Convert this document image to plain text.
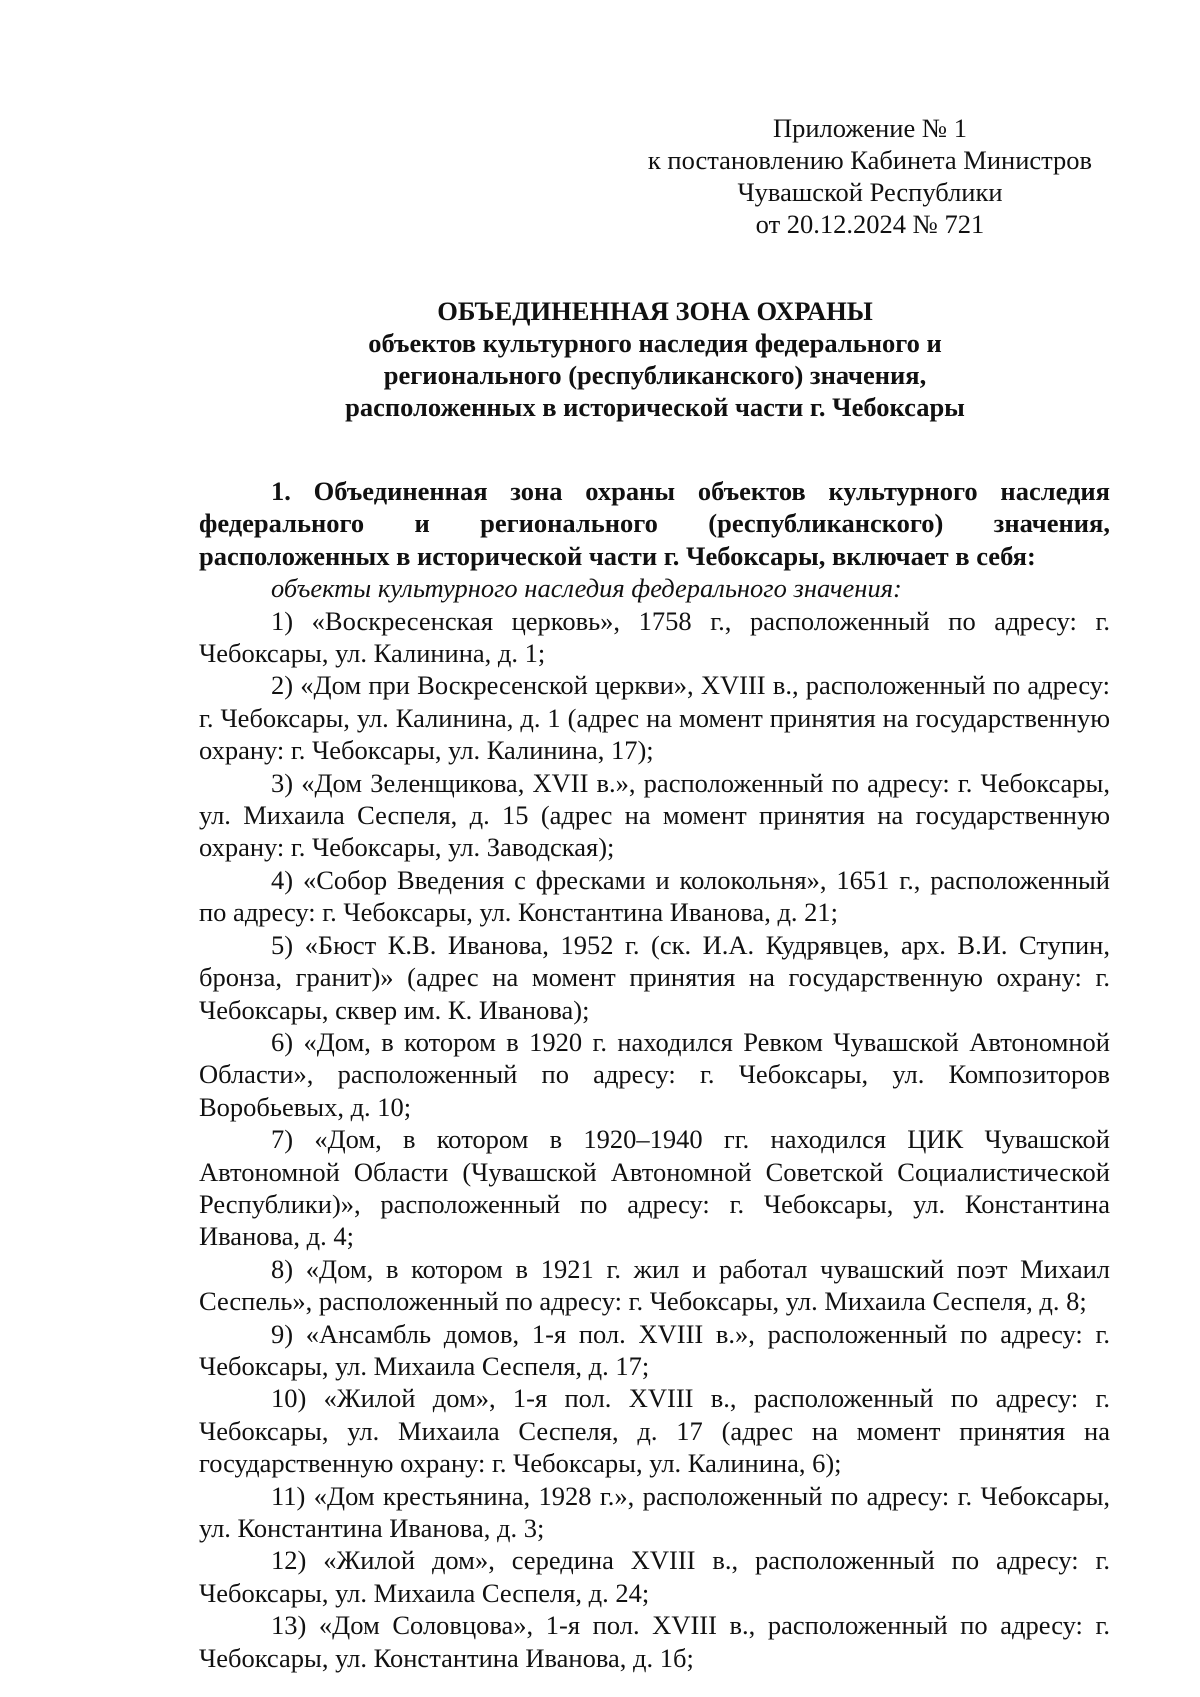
Приложение № 1
к постановлению Кабинета Министров
Чувашской Республики
от 20.12.2024 № 721
ОБЪЕДИНЕННАЯ ЗОНА ОХРАНЫ
объектов культурного наследия федерального и
регионального (республиканского) значения,
расположенных в исторической части г. Чебоксары

1. Объединенная зона охраны объектов культурного наследия федерального и регионального (республиканского) значения, расположенных в исторической части г. Чебоксары, включает в себя:

объекты культурного наследия федерального значения:

1) «Воскресенская церковь», 1758 г., расположенный по адресу: г. Чебоксары, ул. Калинина, д. 1;

2) «Дом при Воскресенской церкви», XVIII в., расположенный по адресу: г. Чебоксары, ул. Калинина, д. 1 (адрес на момент принятия на государственную охрану: г. Чебоксары, ул. Калинина, 17);

3) «Дом Зеленщикова, XVII в.», расположенный по адресу: г. Чебоксары, ул. Михаила Сеспеля, д. 15 (адрес на момент принятия на государственную охрану: г. Чебоксары, ул. Заводская);

4) «Собор Введения с фресками и колокольня», 1651 г., расположенный по адресу: г. Чебоксары, ул. Константина Иванова, д. 21;

5) «Бюст К.В. Иванова, 1952 г. (ск. И.А. Кудрявцев, арх. В.И. Ступин, бронза, гранит)» (адрес на момент принятия на государственную охрану: г. Чебоксары, сквер им. К. Иванова);

6) «Дом, в котором в 1920 г. находился Ревком Чувашской Автономной Области», расположенный по адресу: г. Чебоксары, ул. Композиторов Воробьевых, д. 10;

7) «Дом, в котором в 1920–1940 гг. находился ЦИК Чувашской Автономной Области (Чувашской Автономной Советской Социалистической Республики)», расположенный по адресу: г. Чебоксары, ул. Константина Иванова, д. 4;

8) «Дом, в котором в 1921 г. жил и работал чувашский поэт Михаил Сеспель», расположенный по адресу: г. Чебоксары, ул. Михаила Сеспеля, д. 8;

9) «Ансамбль домов, 1-я пол. XVIII в.», расположенный по адресу: г. Чебоксары, ул. Михаила Сеспеля, д. 17;

10) «Жилой дом», 1-я пол. XVIII в., расположенный по адресу: г. Чебоксары, ул. Михаила Сеспеля, д. 17 (адрес на момент принятия на государственную охрану: г. Чебоксары, ул. Калинина, 6);

11) «Дом крестьянина, 1928 г.», расположенный по адресу: г. Чебоксары, ул. Константина Иванова, д. 3;

12) «Жилой дом», середина XVIII в., расположенный по адресу: г. Чебоксары, ул. Михаила Сеспеля, д. 24;

13) «Дом Соловцова», 1-я пол. XVIII в., расположенный по адресу: г. Чебоксары, ул. Константина Иванова, д. 1б;
